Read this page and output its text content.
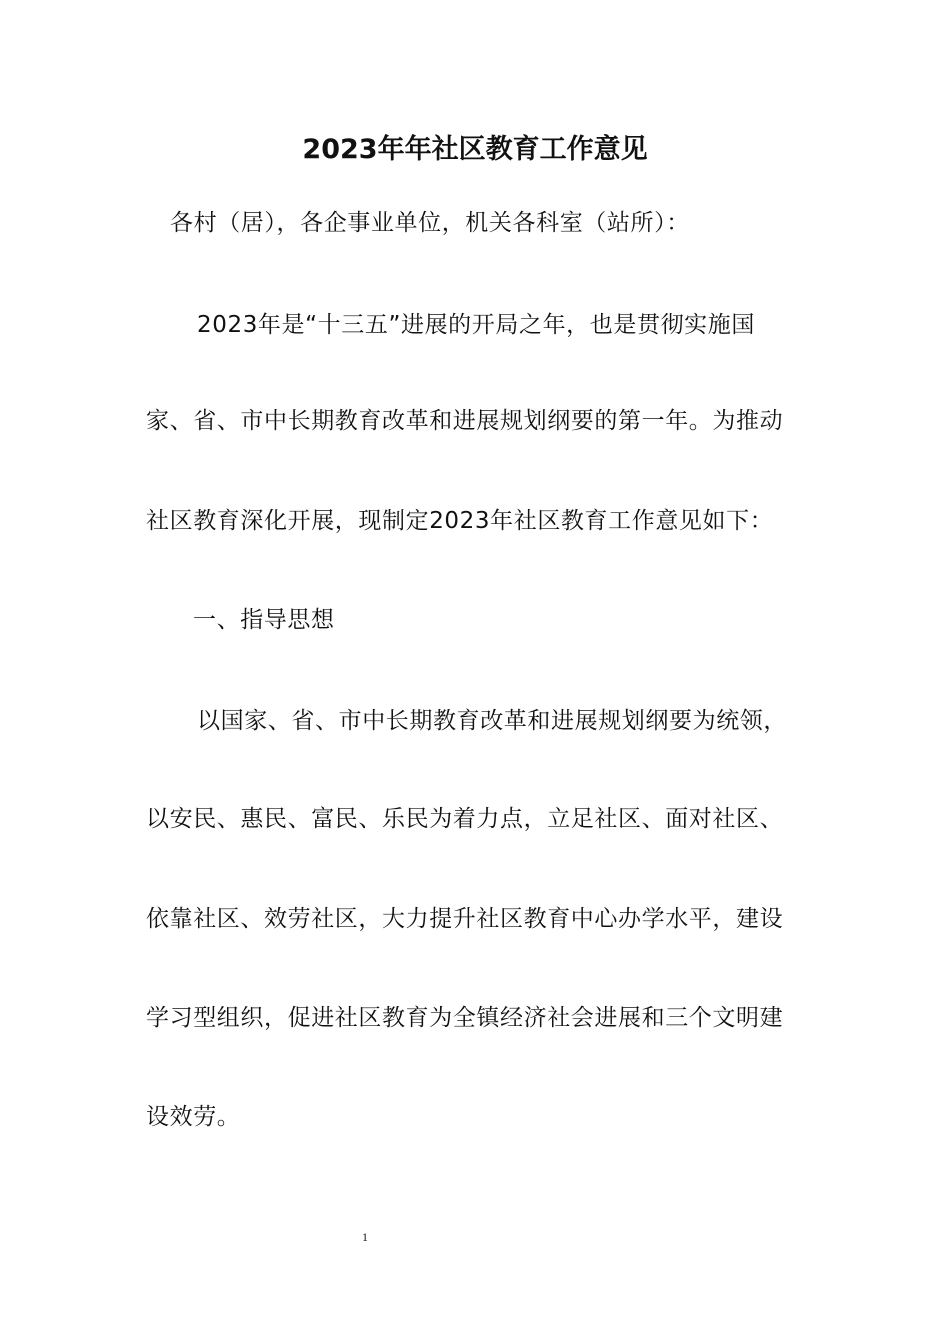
2023年年社区教育工作意见
各村（居），各企事业单位，机关各科室（站所）：
2023年是“十三五”进展的开局之年，也是贯彻实施国
家、省、市中长期教育改革和进展规划纲要的第一年。为推动
社区教育深化开展，现制定2023年社区教育工作意见如下：
一、指导思想
以国家、省、市中长期教育改革和进展规划纲要为统领，
以安民、惠民、富民、乐民为着力点，立足社区、面对社区、
依靠社区、效劳社区，大力提升社区教育中心办学水平，建设
学习型组织，促进社区教育为全镇经济社会进展和三个文明建
设效劳。
1
